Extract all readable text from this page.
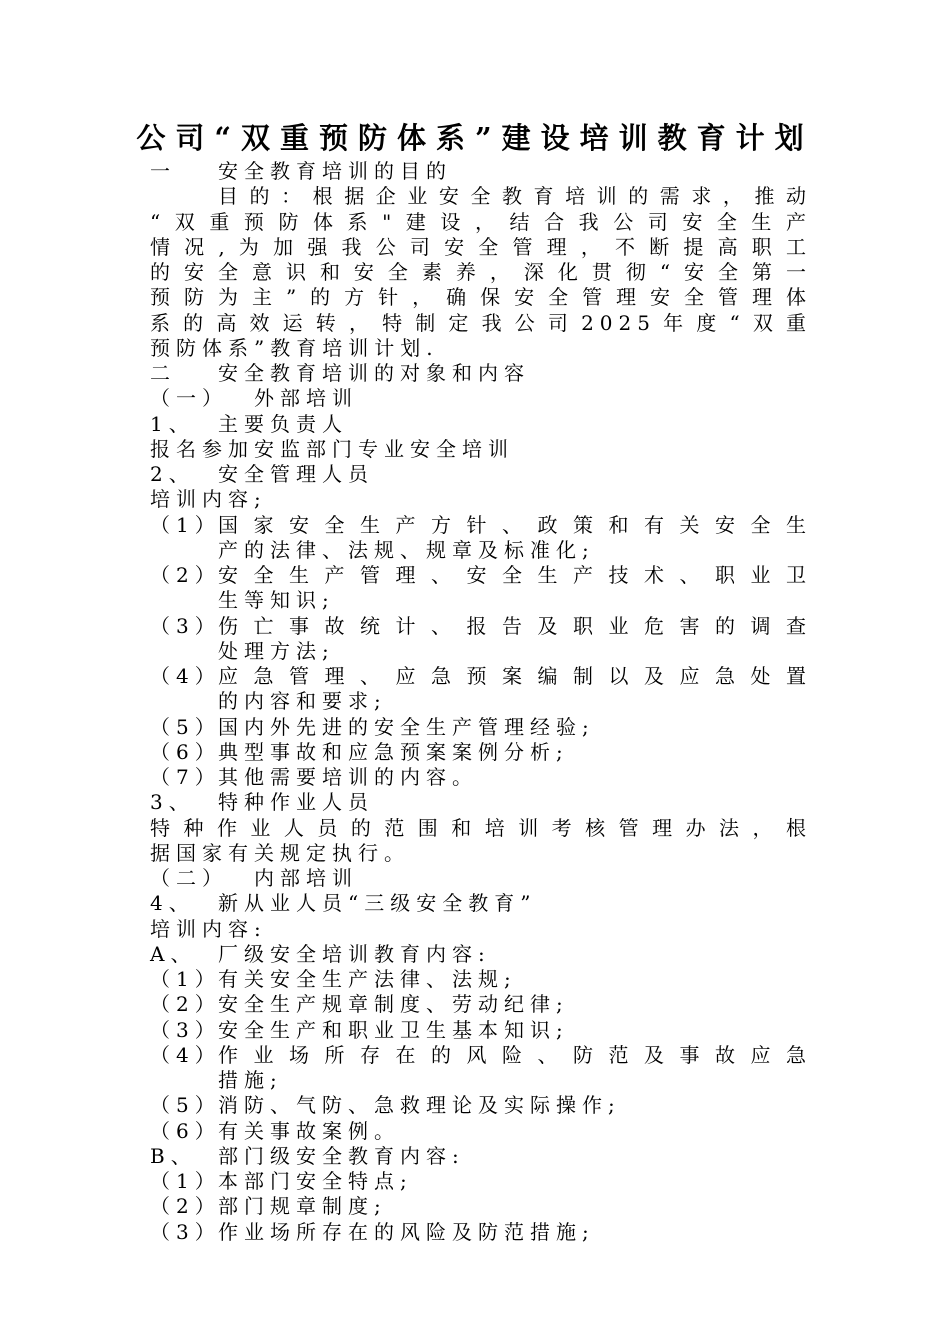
公司“双重预防体系”建设培训教育计划
一	安全教育培训的目的
目的：根据企业安全教育培训的需求，推动
“双重预防体系"建设，结合我公司安全生产
情况,为加强我公司安全管理，不断提高职工
的安全意识和安全素养，深化贯彻“安全第一
预防为主”的方针，确保安全管理安全管理体
系的高效运转，特制定我公司2025年度“双重
预防体系”教育培训计划.
二	安全教育培训的对象和内容
（一）	外部培训
1、	主要负责人
报名参加安监部门专业安全培训
2、	安全管理人员
培训内容;
（1）
国家安全生产方针、政策和有关安全生
产的法律、法规、规章及标准化;
（2）
安全生产管理、安全生产技术、职业卫
生等知识;
（3）
伤亡事故统计、报告及职业危害的调查
处理方法;
（4）
应急管理、应急预案编制以及应急处置
的内容和要求;
（5）
国内外先进的安全生产管理经验;
（6）
典型事故和应急预案案例分析;
（7）
其他需要培训的内容。
3、	特种作业人员
特种作业人员的范围和培训考核管理办法，根
据国家有关规定执行。
（二）	内部培训
4、	新从业人员“三级安全教育”
培训内容:
A、	厂级安全培训教育内容:
（1）
有关安全生产法律、法规;
（2）
安全生产规章制度、劳动纪律;
（3）
安全生产和职业卫生基本知识;
（4）
作业场所存在的风险、防范及事故应急
措施;
（5）
消防、气防、急救理论及实际操作;
（6）
有关事故案例。
B、	部门级安全教育内容:
（1）
本部门安全特点;
（2）
部门规章制度;
（3）
作业场所存在的风险及防范措施;
